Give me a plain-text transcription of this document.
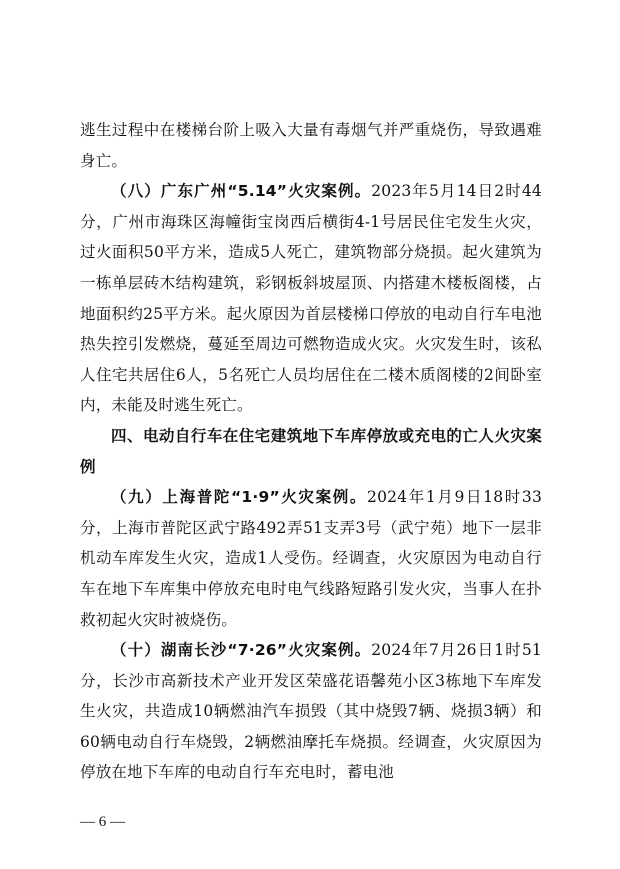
逃生过程中在楼梯台阶上吸入大量有毒烟气并严重烧伤，导致遇难身亡。

（八）广东广州“5.14”火灾案例。2023年5月14日2时44分，广州市海珠区海幢街宝岗西后横街4-1号居民住宅发生火灾，过火面积50平方米，造成5人死亡，建筑物部分烧损。起火建筑为一栋单层砖木结构建筑，彩钢板斜坡屋顶、内搭建木楼板阁楼，占地面积约25平方米。起火原因为首层楼梯口停放的电动自行车电池热失控引发燃烧，蔓延至周边可燃物造成火灾。火灾发生时，该私人住宅共居住6人，5名死亡人员均居住在二楼木质阁楼的2间卧室内，未能及时逃生死亡。

四、电动自行车在住宅建筑地下车库停放或充电的亡人火灾案例

（九）上海普陀“1·9”火灾案例。2024年1月9日18时33分，上海市普陀区武宁路492弄51支弄3号（武宁苑）地下一层非机动车库发生火灾，造成1人受伤。经调查，火灾原因为电动自行车在地下车库集中停放充电时电气线路短路引发火灾，当事人在扑救初起火灾时被烧伤。

（十）湖南长沙“7·26”火灾案例。2024年7月26日1时51分，长沙市高新技术产业开发区荣盛花语馨苑小区3栋地下车库发生火灾，共造成10辆燃油汽车损毁（其中烧毁7辆、烧损3辆）和60辆电动自行车烧毁，2辆燃油摩托车烧损。经调查，火灾原因为停放在地下车库的电动自行车充电时，蓄电池

— 6 —
